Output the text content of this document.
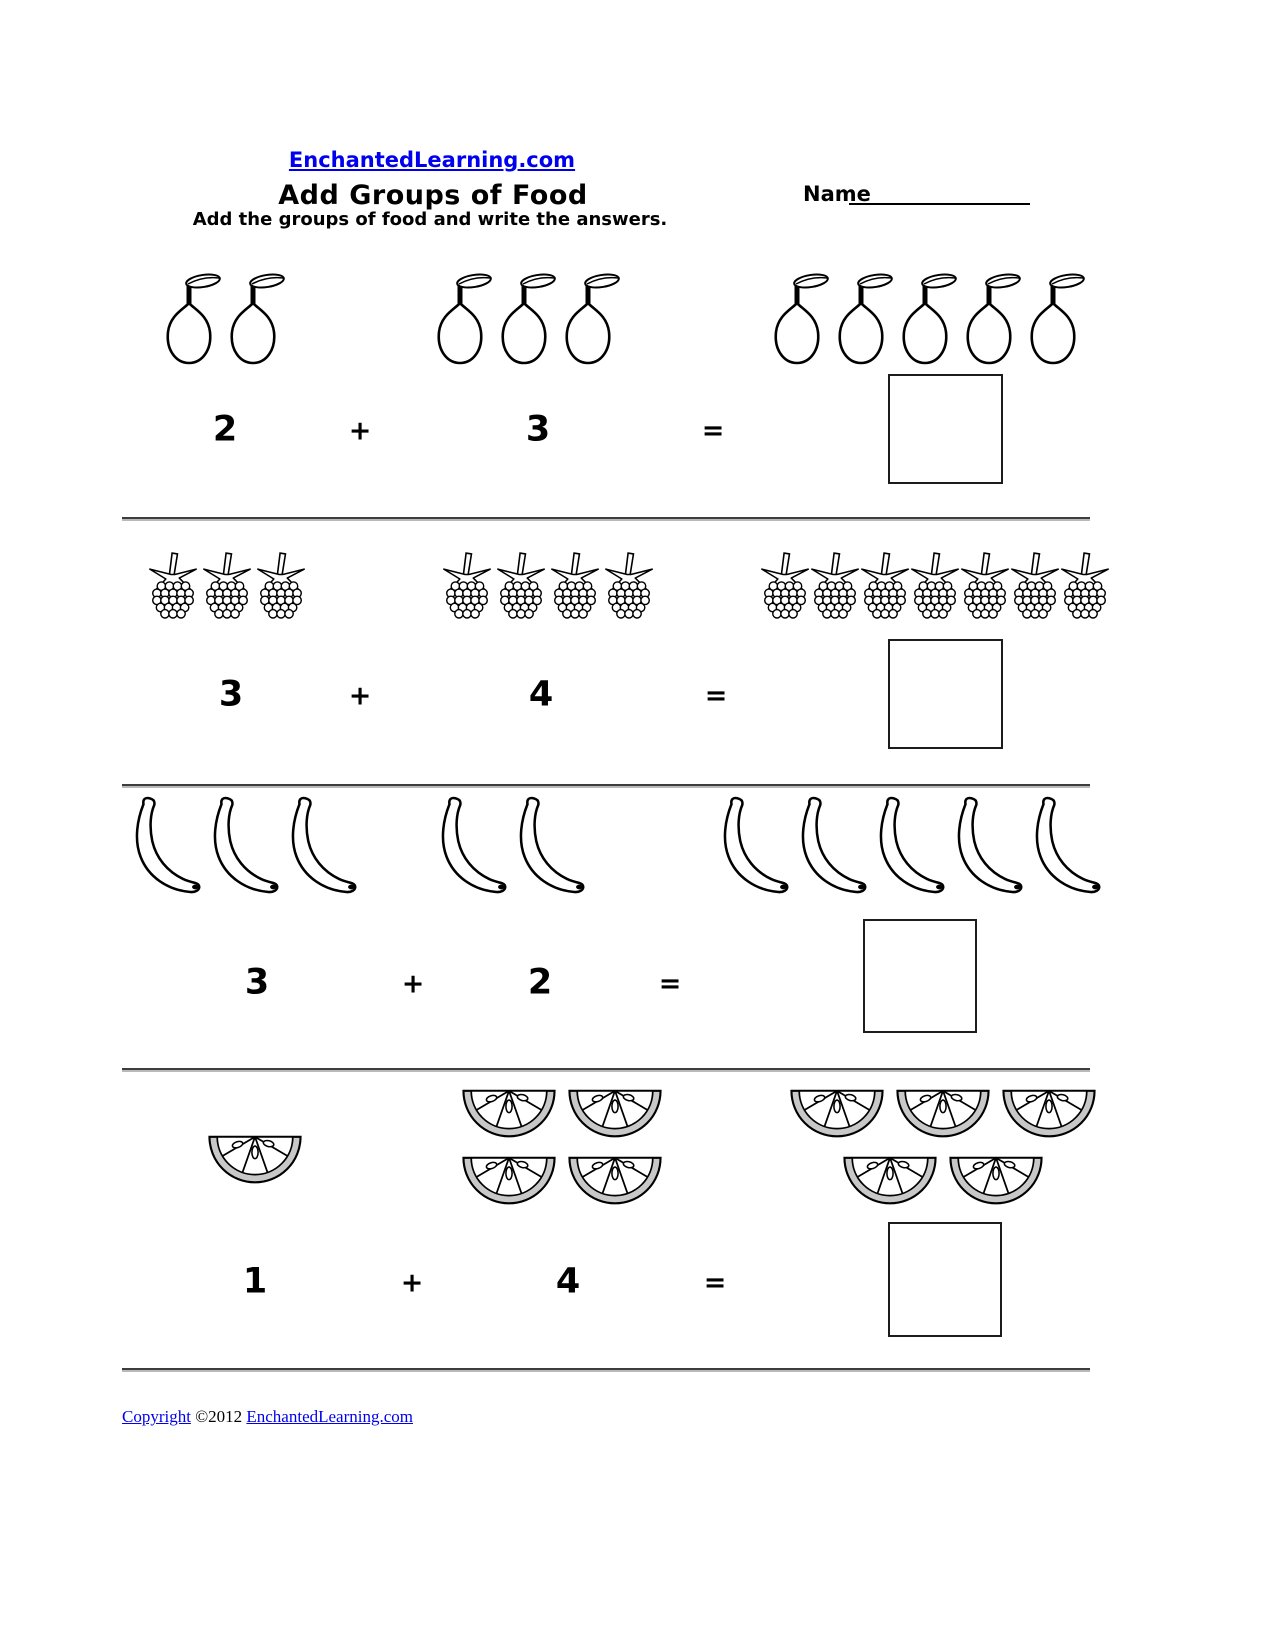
EnchantedLearning.com
Add Groups of Food
Add the groups of food and write the answers.
Name
2	+	3	=
3	+	4	=
3	+	2	=
1	+	4	=

Copyright ©2012 EnchantedLearning.com
